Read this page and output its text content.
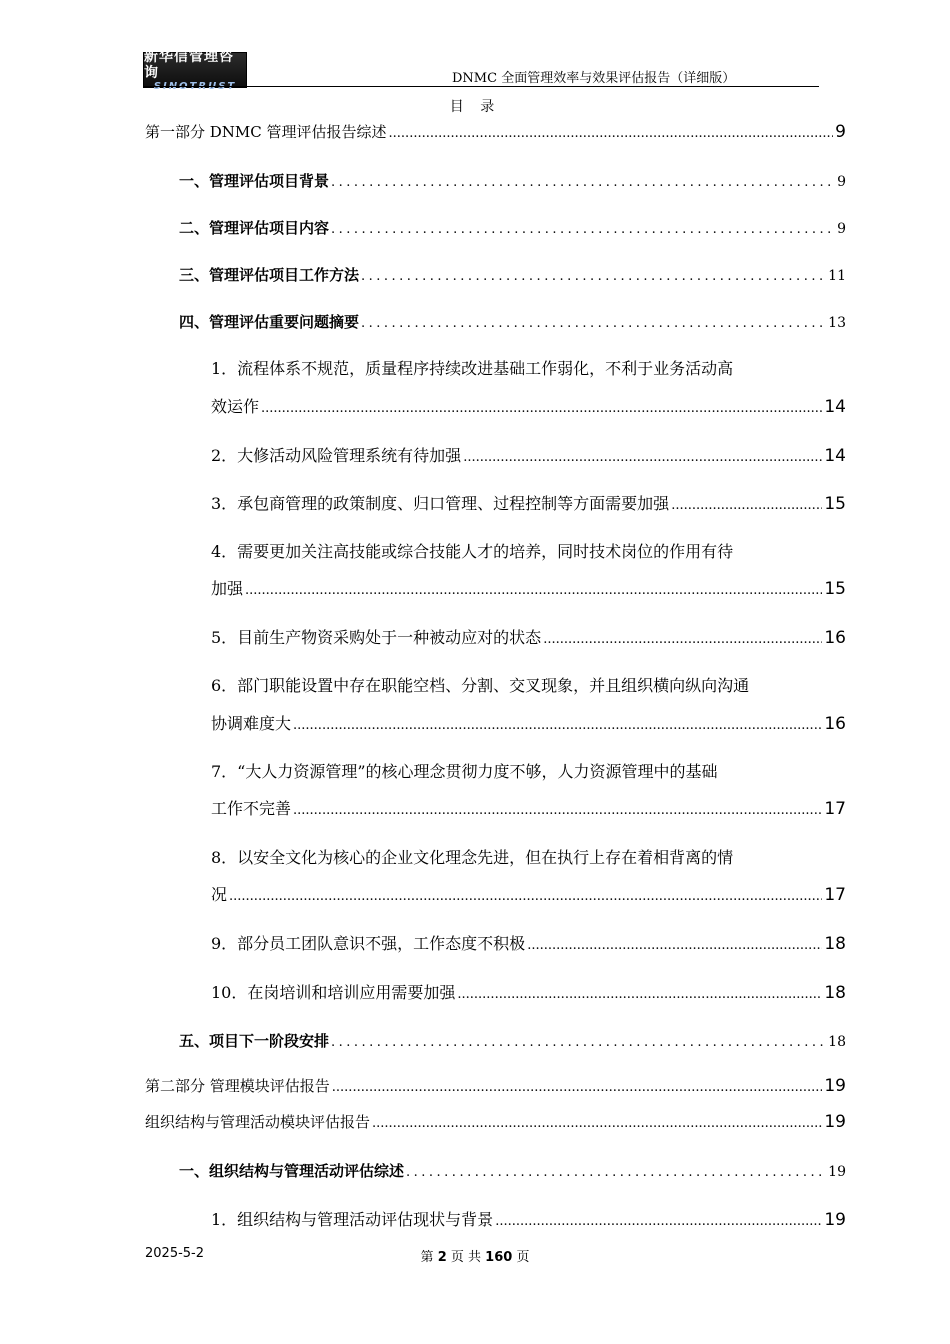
新华信管理咨询
SINOTRUST	DNMC 全面管理效率与效果评估报告（详细版）
目 录
第一部分 DNMC 管理评估报告综述 .....	9
一、管理评估项目背景 .....	9
二、管理评估项目内容 .....	9
三、管理评估项目工作方法 .....	11
四、管理评估重要问题摘要 .....	13
1．流程体系不规范，质量程序持续改进基础工作弱化，不利于业务活动高
效运作 .....	14
2．大修活动风险管理系统有待加强 .....	14
3．承包商管理的政策制度、归口管理、过程控制等方面需要加强 .....	15
4．需要更加关注高技能或综合技能人才的培养，同时技术岗位的作用有待
加强 .....	15
5．目前生产物资采购处于一种被动应对的状态 .....	16
6．部门职能设置中存在职能空档、分割、交叉现象，并且组织横向纵向沟通
协调难度大 .....	16
7．“大人力资源管理”的核心理念贯彻力度不够，人力资源管理中的基础
工作不完善 .....	17
8．以安全文化为核心的企业文化理念先进，但在执行上存在着相背离的情
况 .....	17
9．部分员工团队意识不强，工作态度不积极 .....	18
10．在岗培训和培训应用需要加强 .....	18
五、项目下一阶段安排 .....	18
第二部分 管理模块评估报告 .....	19
组织结构与管理活动模块评估报告 .....	19
一、组织结构与管理活动评估综述 .....	19
1．组织结构与管理活动评估现状与背景 .....	19
2025-5-2	第 2 页 共 160 页
